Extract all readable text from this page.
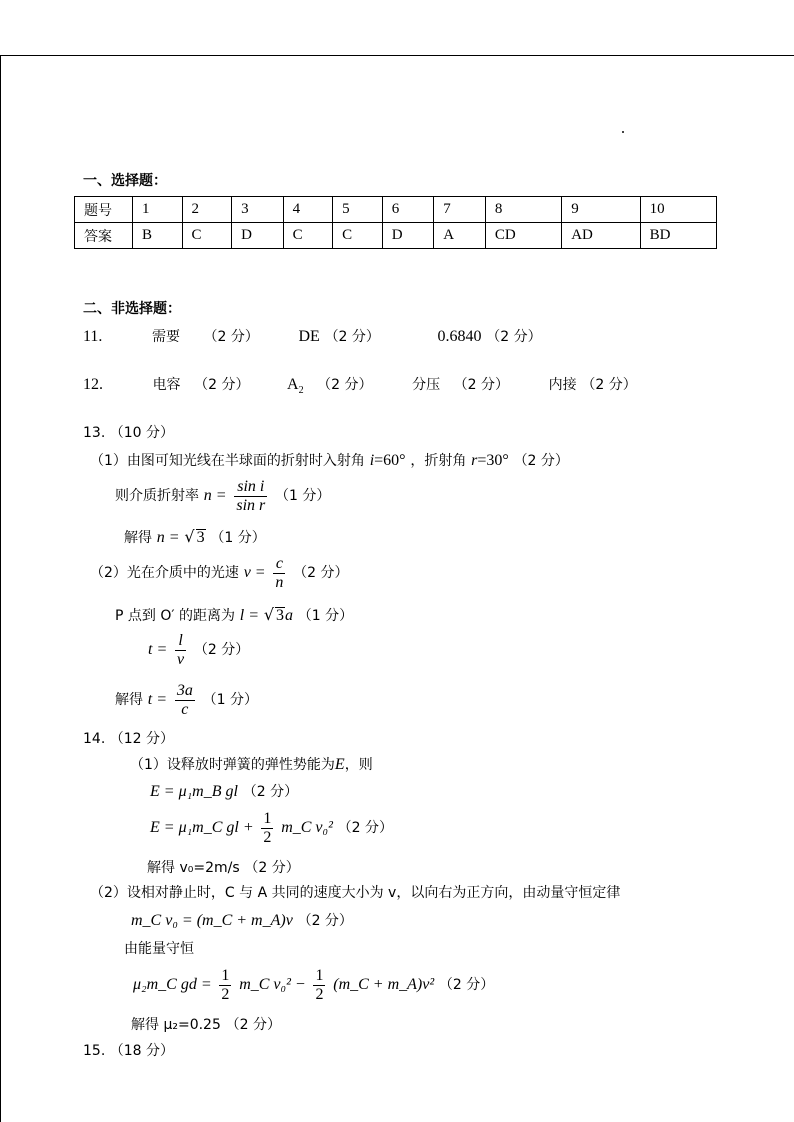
一、选择题：
题号	1	2	3	4	5	6	7	8	9	10
答案	B	C	D	C	C	D	A	CD	AD	BD
二、非选择题：
11.	需要 （2 分） DE （2 分）	0.6840 （2 分）
12.	电容 （2 分） $A_2$ （2 分）	分压 （2 分）	内接 （2 分）
13. （10 分）
（1）由图可知光线在半球面的折射时入射角 i=60° ，折射角 r=30° （2 分）
则介质折射率 $n = \frac{\text{sin i}}{\text{sin r}} (1$ 分）
解得 n = √ 3 （1 分）
（2）光在介质中的光速 $v = \frac{c}{n} (2$ 分）
P 点到 O′ 的距离为 l = √ 3a （1 分）
$t = \frac{l}{v} (2$ 分）
解得 $t = \frac{3a}{c} (1$ 分）
14. （12 分）
（1）设释放时弹簧的弹性势能为E，则
E = μ₁m_B gl （2 分）
E = μ₁m_C gl + $\frac{1}{2}$ m_C v₀² （2 分）
解得 v₀=2m/s （2 分）
（2）设相对静止时，C 与 A 共同的速度大小为 v，以向右为正方向，由动量守恒定律
m_C v₀ = (m_C + m_A)v （2 分）
由能量守恒
μ₂m_C gd = $\frac{1}{2}$ m_C $v_0^2 - \frac{1}{2}$ (m_C + m_A)v² （2 分）
解得 μ₂=0.25 （2 分）
15. （18 分）
